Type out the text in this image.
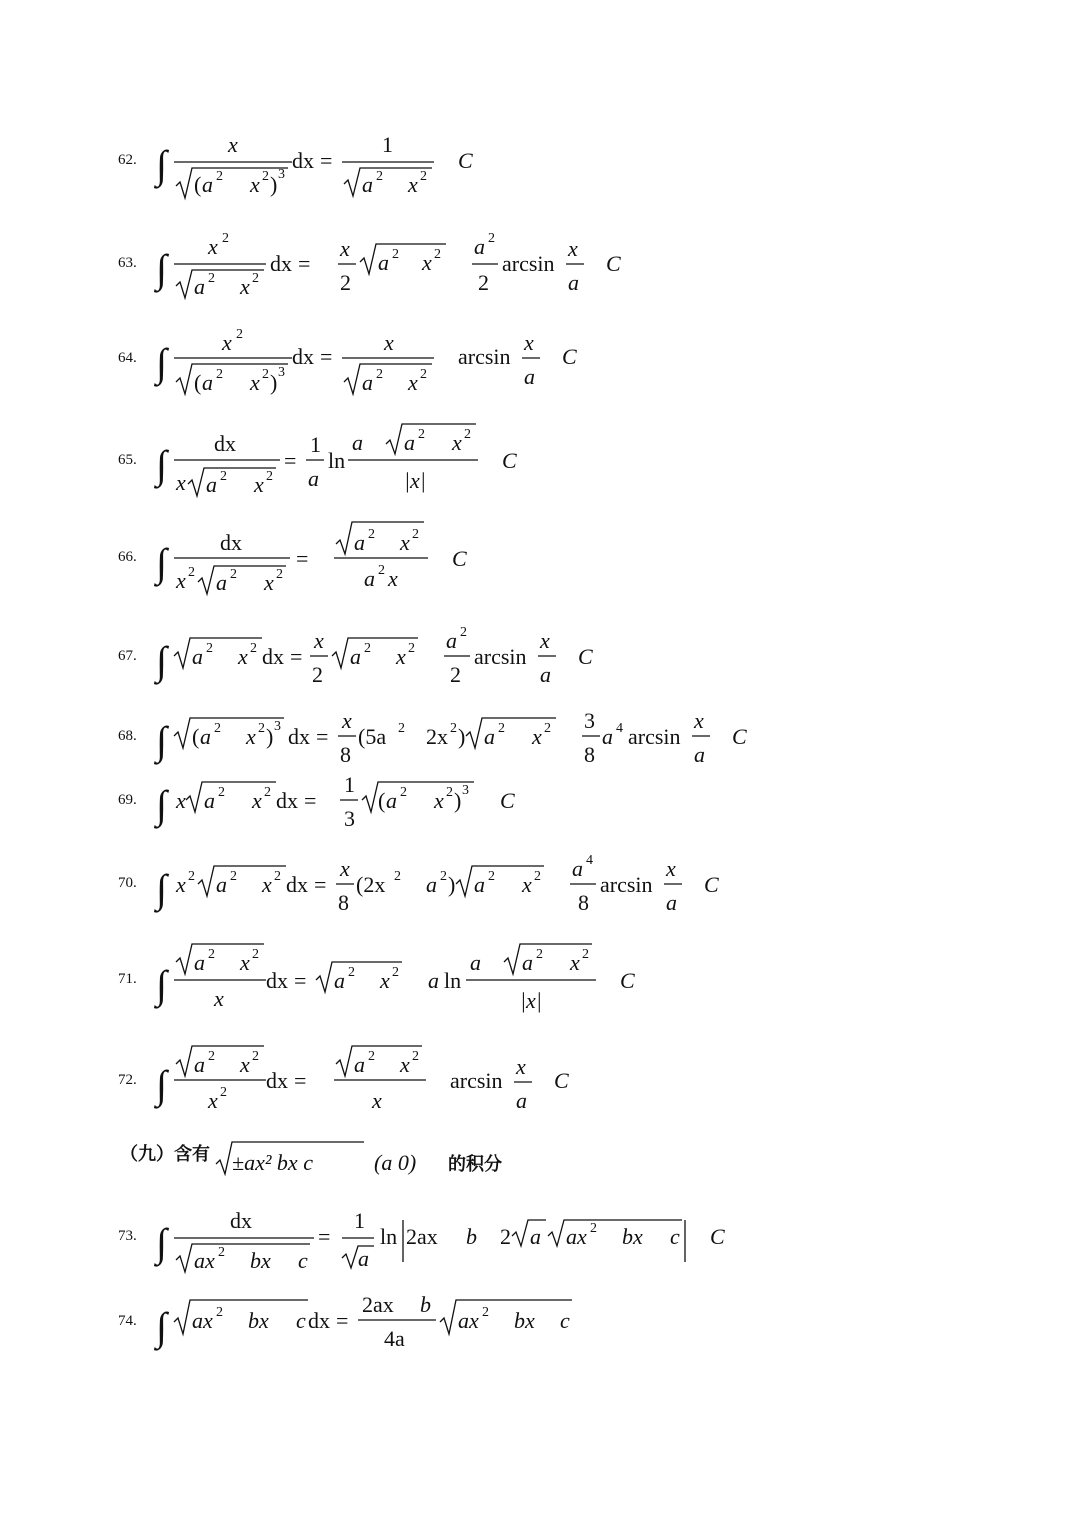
62.
63.
64.
65.
66.
67.
68.
69.
70.
71.
72.
73.
74.
（九）含有
∫	x
( a 2 x 2 ) 3
dx =
1
a 2 x 2
C
∫ x 2
a 2 x 2
dx =
x
2
a 2 x 2 a 2
2
arcsin
x
a
C
∫	x 2
( a 2 x 2 ) 3
dx =
x
a 2 x 2
arcsin
x
a
C
∫ dx
x a 2 x 2
=
1
a
ln
a a 2 x 2
|x|
C
∫ dx
x 2 a 2 x 2
=
a 2 x 2
a 2 x
C
∫ a 2 x 2 dx =
x
2
a 2 x 2 a 2
2
arcsin
x
a
C
∫ ( a 2 x 2 ) 3 dx =
x
8
(5a 2 2x 2 ) a 2 x 2 3
8
a 4 arcsin
x
a
C
∫ x a 2 x 2 dx =
1
3
( a 2 x 2 ) 3 C
∫ x 2 a 2 x 2 dx =
x
8
(2x 2 a 2 ) a 2 x 2 a 4
8
arcsin
x
a
C
∫ a 2 x 2
x
dx = a 2 x 2 a ln
a a 2 x 2
|x|
C
∫ a 2 x 2
x 2 dx =
a 2 x 2
x
arcsin
x
a
C
±ax² bx c	(a 0)
∫	dx
ax 2 bx c
=
1
a
ln 2ax b 2 a ax 2 bx c C
∫ ax 2 bx c dx =
2ax b
4a
ax 2 bx c
的积分
